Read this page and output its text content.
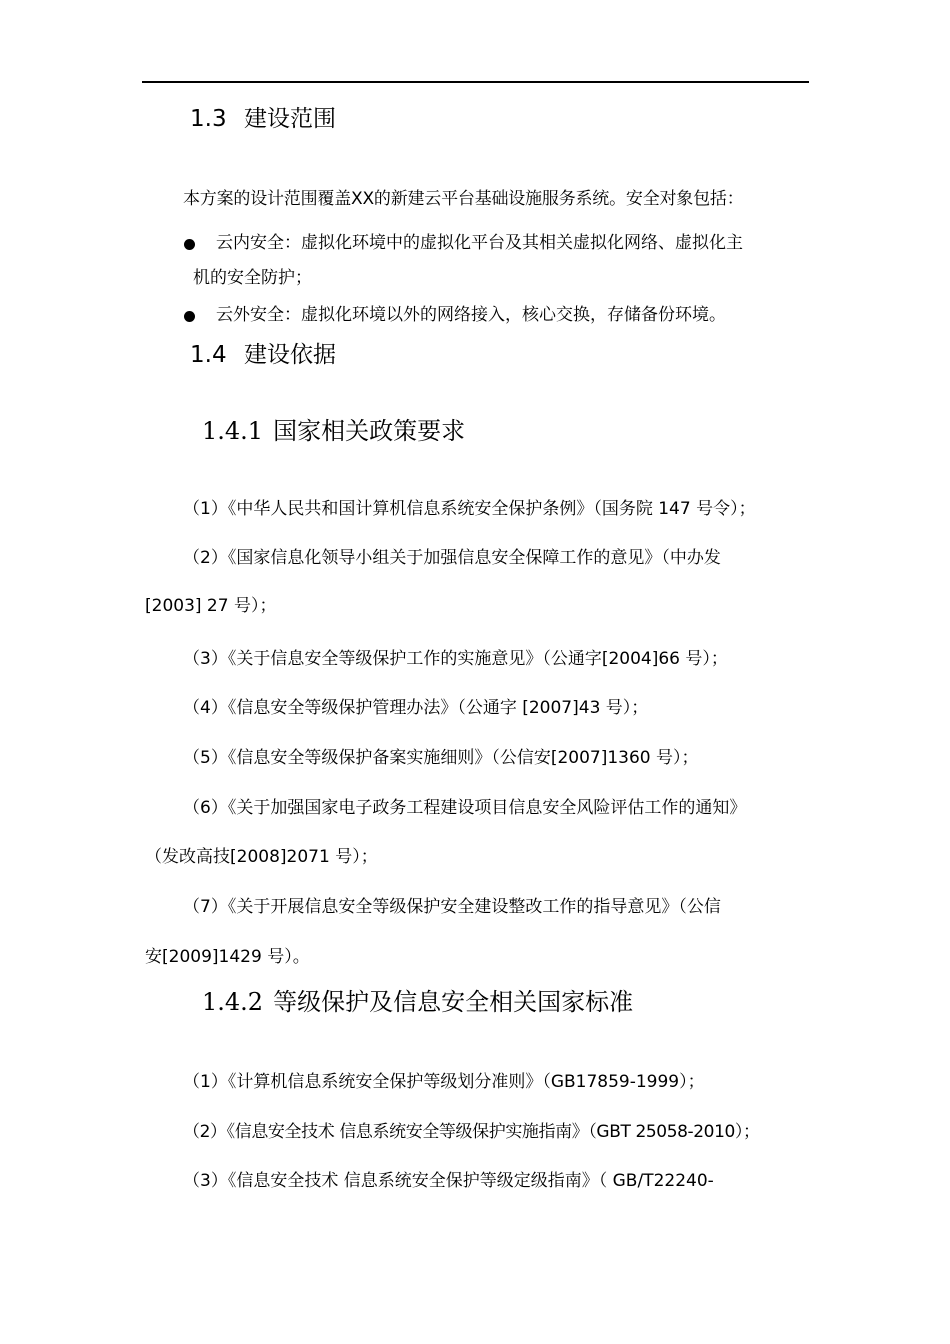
1.3 建设范围
本方案的设计范围覆盖XX的新建云平台基础设施服务系统。安全对象包括：
云内安全：虚拟化环境中的虚拟化平台及其相关虚拟化网络、虚拟化主
机的安全防护；
云外安全：虚拟化环境以外的网络接入，核心交换，存储备份环境。
1.4 建设依据
1.4.1 国家相关政策要求
（1）《中华人民共和国计算机信息系统安全保护条例》（国务院 147 号令）；
（2）《国家信息化领导小组关于加强信息安全保障工作的意见》（中办发
[2003] 27 号）；
（3）《关于信息安全等级保护工作的实施意见》（公通字[2004]66 号）；
（4）《信息安全等级保护管理办法》（公通字 [2007]43 号）；
（5）《信息安全等级保护备案实施细则》（公信安[2007]1360 号）；
（6）《关于加强国家电子政务工程建设项目信息安全风险评估工作的通知》
（发改高技[2008]2071 号）；
（7）《关于开展信息安全等级保护安全建设整改工作的指导意见》（公信
安[2009]1429 号）。
1.4.2 等级保护及信息安全相关国家标准
（1）《计算机信息系统安全保护等级划分准则》（GB17859-1999）；
（2）《信息安全技术 信息系统安全等级保护实施指南》（GBT 25058-2010）；
（3）《信息安全技术 信息系统安全保护等级定级指南》（ GB/T22240-
